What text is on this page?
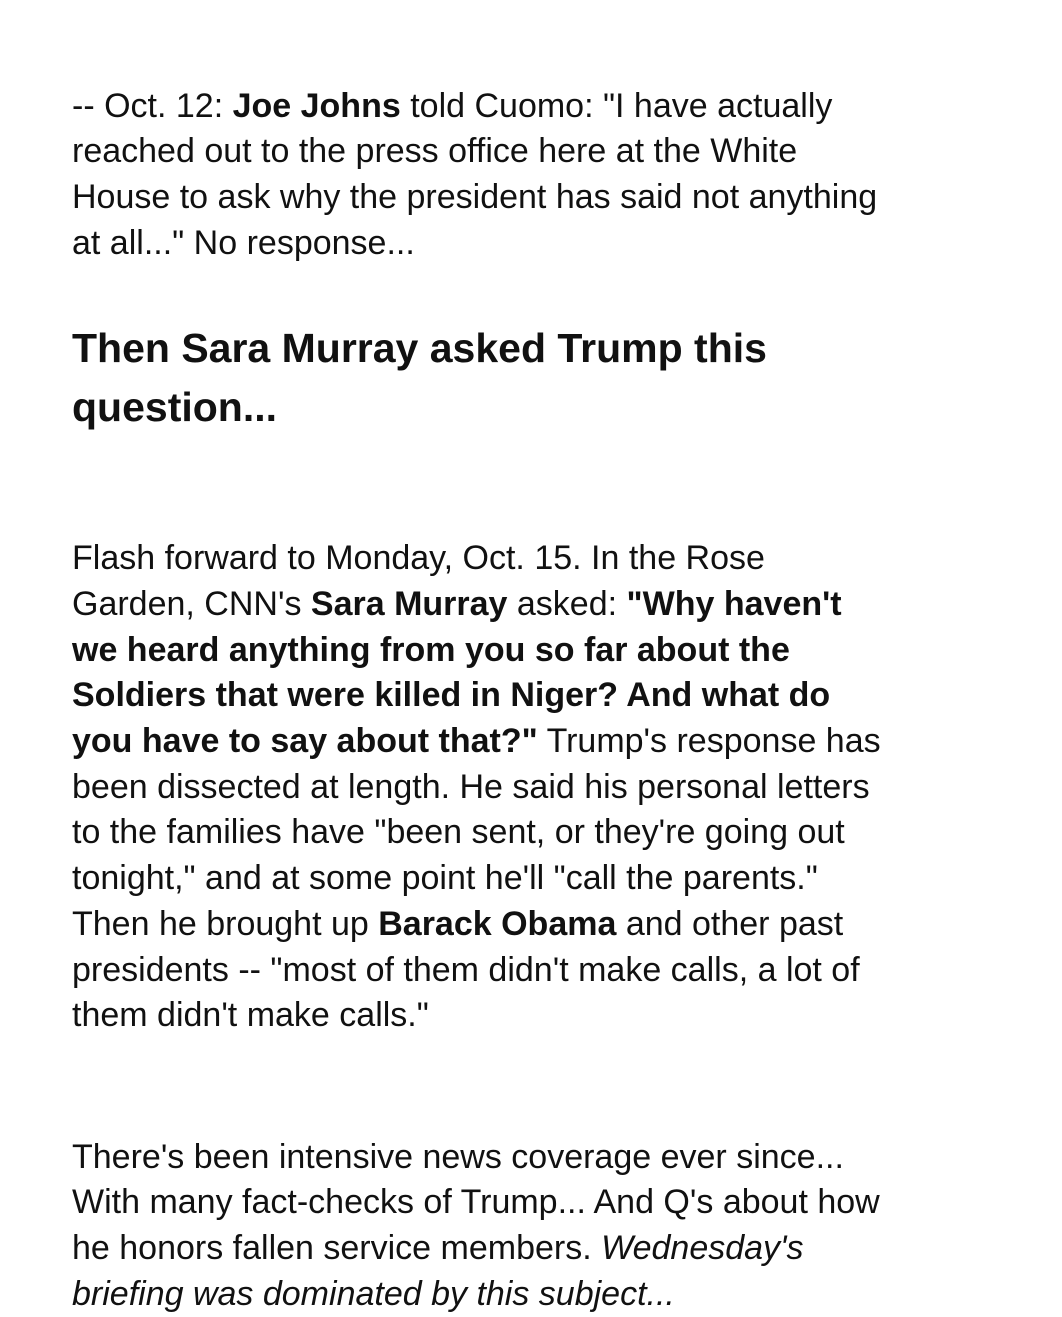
-- Oct. 12: Joe Johns told Cuomo: "I have actually
reached out to the press office here at the White
House to ask why the president has said not anything
at all..." No response...

Then Sara Murray asked Trump this
question...

Flash forward to Monday, Oct. 15. In the Rose
Garden, CNN's Sara Murray asked: "Why haven't
we heard anything from you so far about the
Soldiers that were killed in Niger? And what do
you have to say about that?" Trump's response has
been dissected at length. He said his personal letters
to the families have "been sent, or they're going out
tonight," and at some point he'll "call the parents."
Then he brought up Barack Obama and other past
presidents -- "most of them didn't make calls, a lot of
them didn't make calls."

There's been intensive news coverage ever since...
With many fact-checks of Trump... And Q's about how
he honors fallen service members. Wednesday's
briefing was dominated by this subject...
